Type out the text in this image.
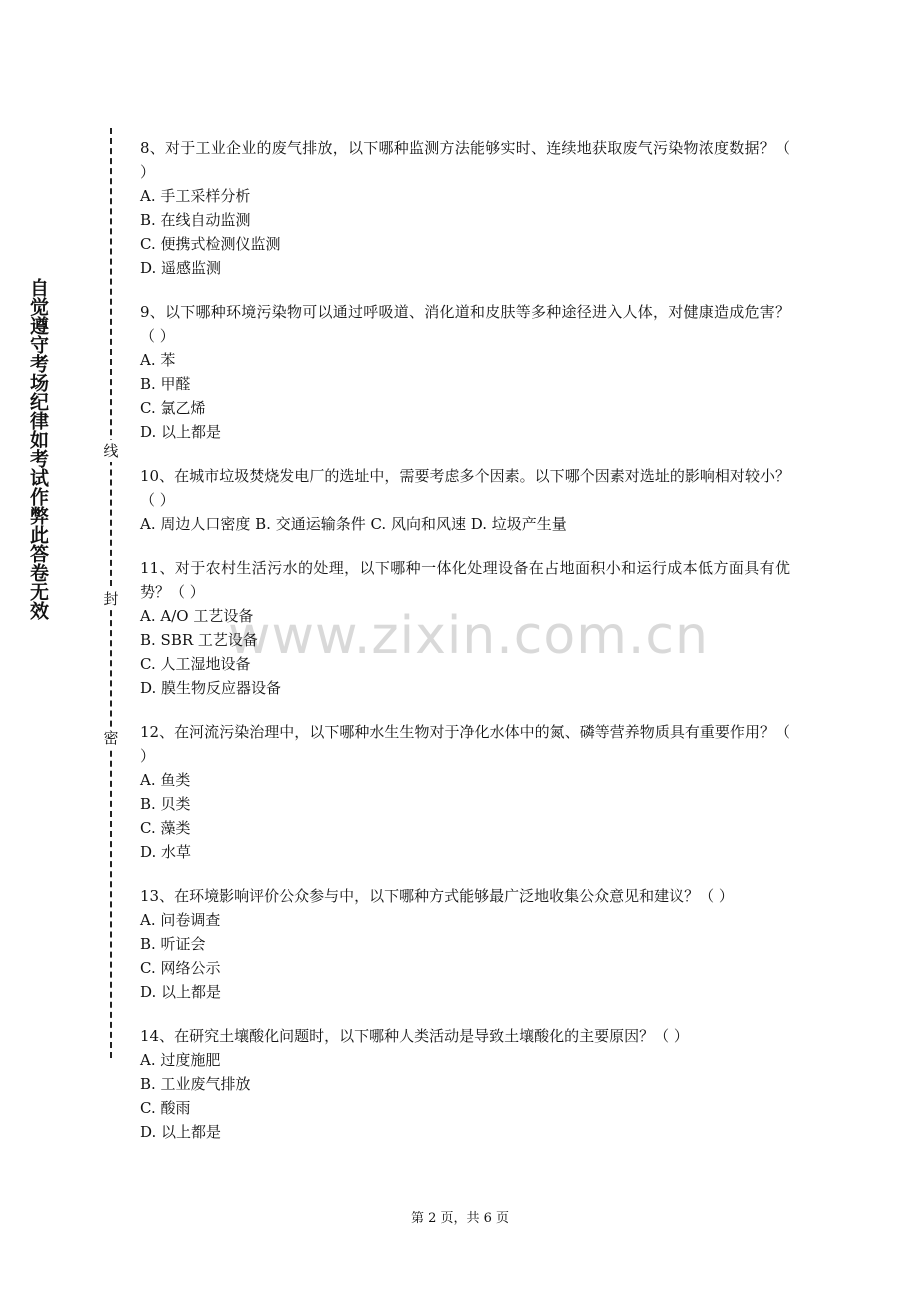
自觉遵守考场纪律如考试作弊此答卷无效	线
封
密
www.zixin.com.cn
8、对于工业企业的废气排放，以下哪种监测方法能够实时、连续地获取废气污染物浓度数据？（ ）
A. 手工采样分析
B. 在线自动监测
C. 便携式检测仪监测
D. 遥感监测
9、以下哪种环境污染物可以通过呼吸道、消化道和皮肤等多种途径进入人体，对健康造成危害？（ ）
A. 苯
B. 甲醛
C. 氯乙烯
D. 以上都是
10、在城市垃圾焚烧发电厂的选址中，需要考虑多个因素。以下哪个因素对选址的影响相对较小？（ ）
A. 周边人口密度 B. 交通运输条件 C. 风向和风速 D. 垃圾产生量
11、对于农村生活污水的处理，以下哪种一体化处理设备在占地面积小和运行成本低方面具有优势？（ ）
A. A/O 工艺设备
B. SBR 工艺设备
C. 人工湿地设备
D. 膜生物反应器设备
12、在河流污染治理中，以下哪种水生生物对于净化水体中的氮、磷等营养物质具有重要作用？（ ）
A. 鱼类
B. 贝类
C. 藻类
D. 水草
13、在环境影响评价公众参与中，以下哪种方式能够最广泛地收集公众意见和建议？（ ）
A. 问卷调查
B. 听证会
C. 网络公示
D. 以上都是
14、在研究土壤酸化问题时，以下哪种人类活动是导致土壤酸化的主要原因？（ ）
A. 过度施肥
B. 工业废气排放
C. 酸雨
D. 以上都是
第 2 页，共 6 页
